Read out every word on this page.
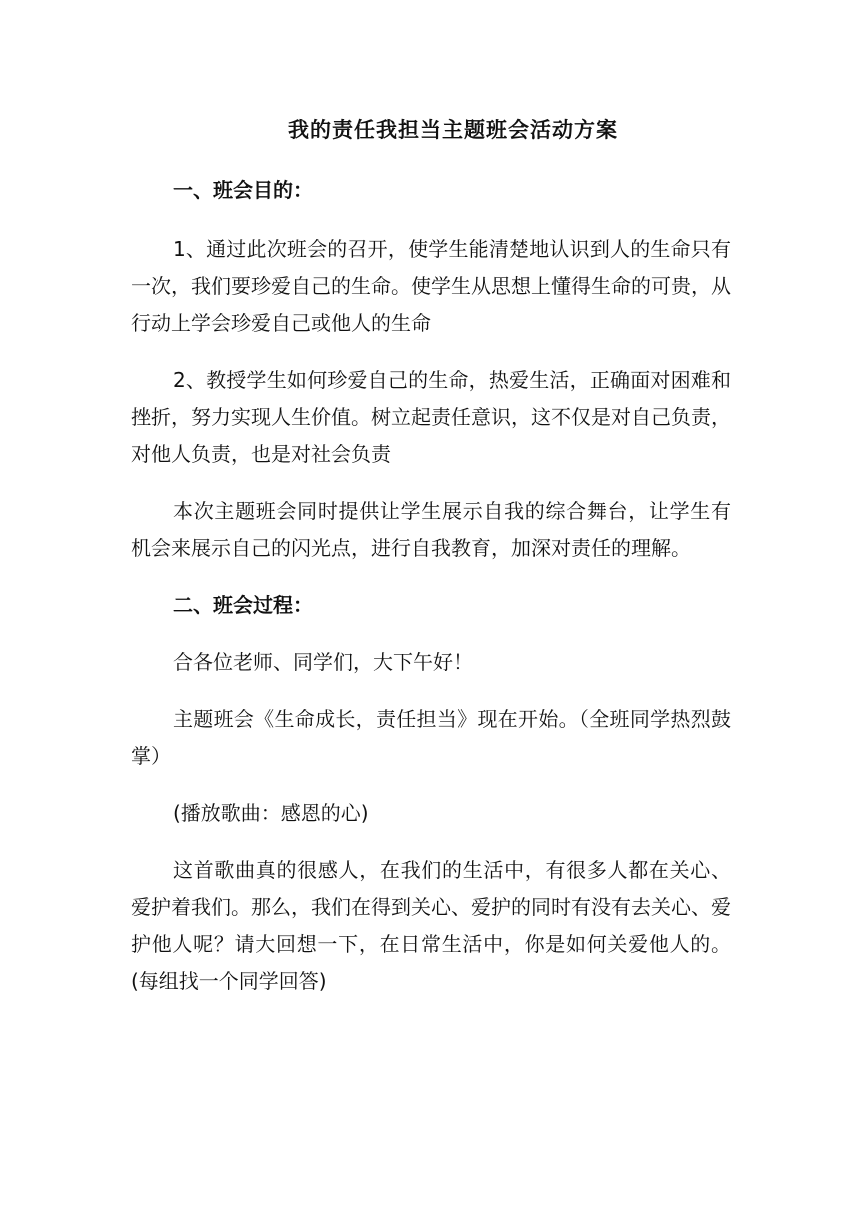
我的责任我担当主题班会活动方案

一、班会目的：

1、通过此次班会的召开，使学生能清楚地认识到人的生命只有一次，我们要珍爱自己的生命。使学生从思想上懂得生命的可贵，从行动上学会珍爱自己或他人的生命

2、教授学生如何珍爱自己的生命，热爱生活，正确面对困难和挫折，努力实现人生价值。树立起责任意识，这不仅是对自己负责，对他人负责，也是对社会负责

本次主题班会同时提供让学生展示自我的综合舞台，让学生有机会来展示自己的闪光点，进行自我教育，加深对责任的理解。

二、班会过程：

合各位老师、同学们，大下午好！

主题班会《生命成长，责任担当》现在开始。（全班同学热烈鼓掌）

(播放歌曲：感恩的心)

这首歌曲真的很感人，在我们的生活中，有很多人都在关心、爱护着我们。那么，我们在得到关心、爱护的同时有没有去关心、爱护他人呢？请大回想一下，在日常生活中，你是如何关爱他人的。(每组找一个同学回答)
